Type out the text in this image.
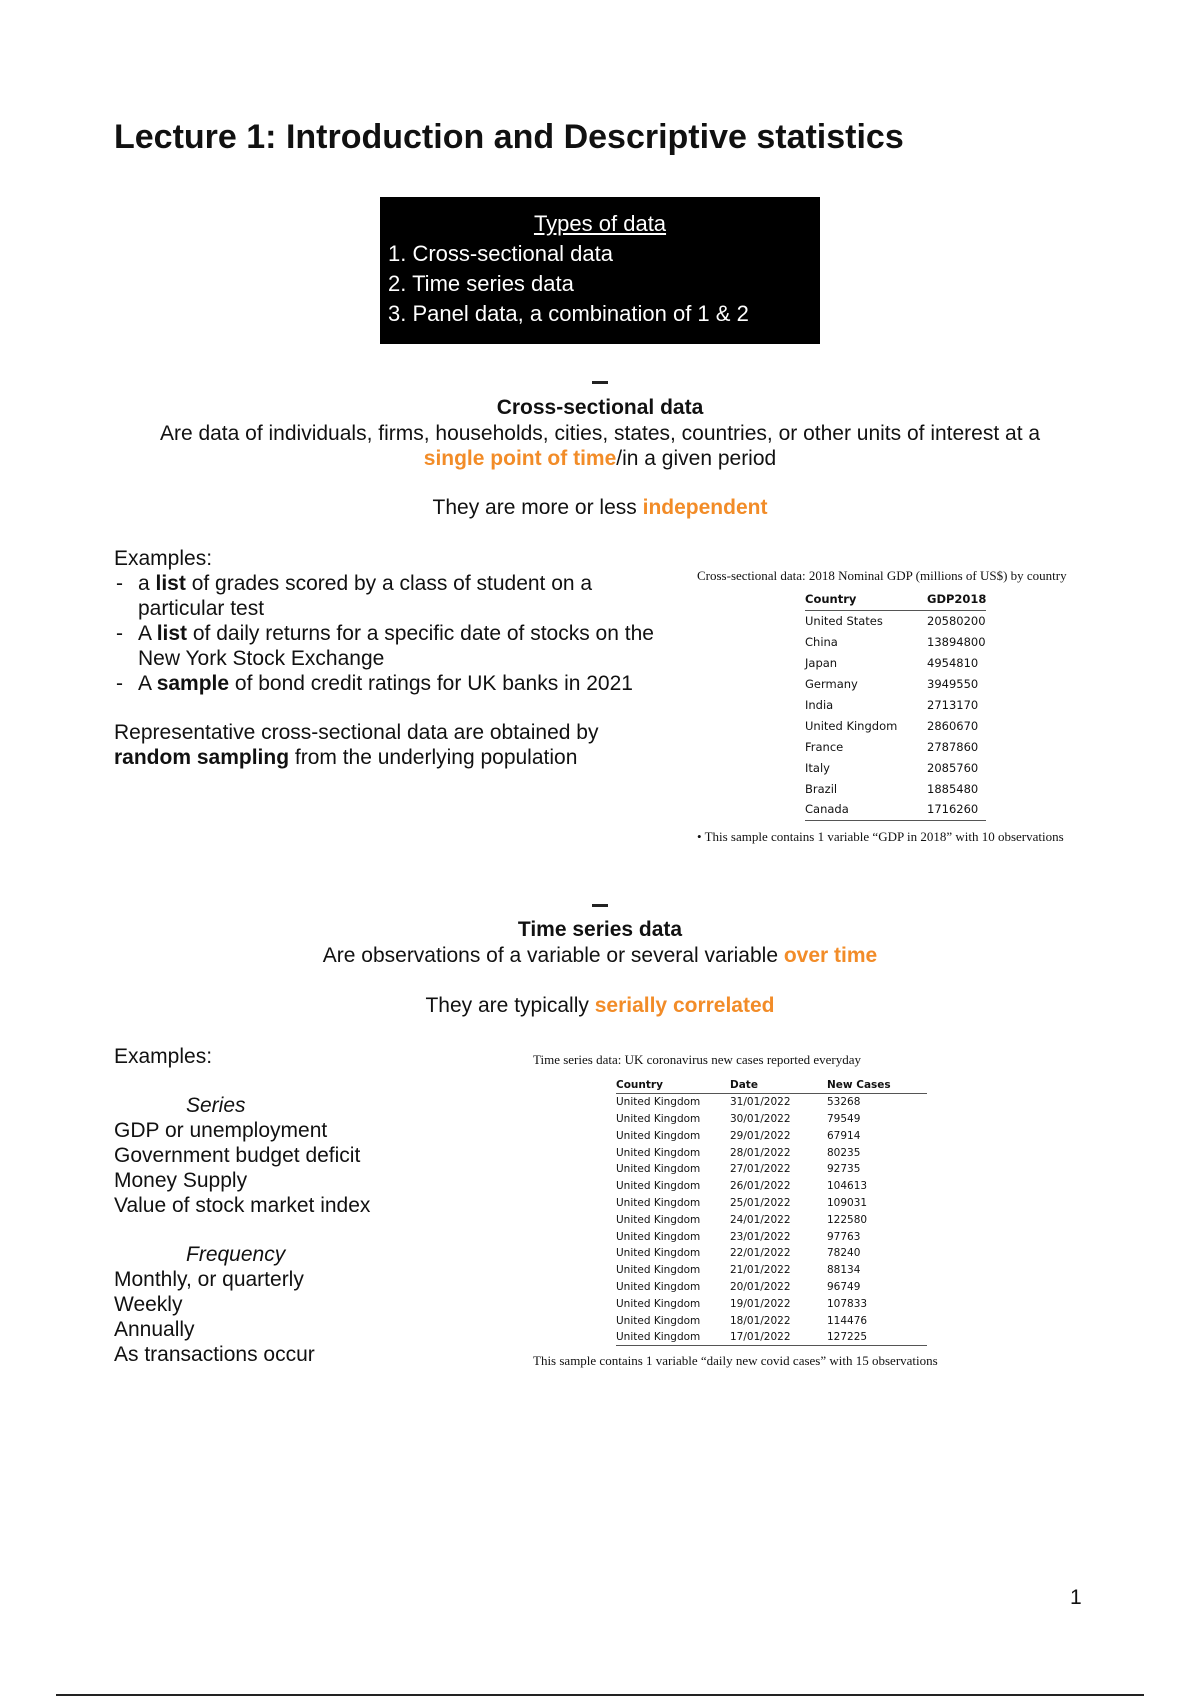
Lecture 1: Introduction and Descriptive statistics
Types of data
1. Cross-sectional data
2. Time series data
3. Panel data, a combination of 1 & 2
Cross-sectional data
Are data of individuals, firms, households, cities, states, countries, or other units of interest at a
single point of time/in a given period
They are more or less independent
Examples:
- a list of grades scored by a class of student on a particular test
- A list of daily returns for a specific date of stocks on the New York Stock Exchange
- A sample of bond credit ratings for UK banks in 2021
Representative cross-sectional data are obtained by random sampling from the underlying population
Cross-sectional data: 2018 Nominal GDP (millions of US$) by country
Country	GDP2018
United States	20580200
China	13894800
Japan	4954810
Germany	3949550
India	2713170
United Kingdom	2860670
France	2787860
Italy	2085760
Brazil	1885480
Canada	1716260
• This sample contains 1 variable “GDP in 2018” with 10 observations
Time series data
Are observations of a variable or several variable over time
They are typically serially correlated
Examples:
Series
GDP or unemployment
Government budget deficit
Money Supply
Value of stock market index
Frequency
Monthly, or quarterly
Weekly
Annually
As transactions occur
Time series data: UK coronavirus new cases reported everyday
Country	Date	New Cases
United Kingdom	31/01/2022	53268
United Kingdom	30/01/2022	79549
United Kingdom	29/01/2022	67914
United Kingdom	28/01/2022	80235
United Kingdom	27/01/2022	92735
United Kingdom	26/01/2022	104613
United Kingdom	25/01/2022	109031
United Kingdom	24/01/2022	122580
United Kingdom	23/01/2022	97763
United Kingdom	22/01/2022	78240
United Kingdom	21/01/2022	88134
United Kingdom	20/01/2022	96749
United Kingdom	19/01/2022	107833
United Kingdom	18/01/2022	114476
United Kingdom	17/01/2022	127225
This sample contains 1 variable “daily new covid cases” with 15 observations
1
